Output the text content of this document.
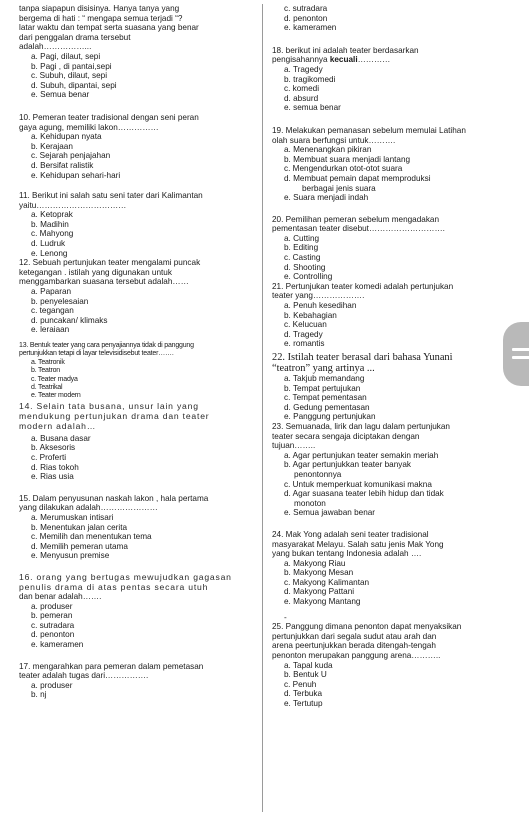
tanpa siapapun disisinya. Hanya tanya yang
bergema di hati : “ mengapa semua terjadi “?
latar waktu dan tempat serta suasana yang benar
dari penggalan drama tersebut
adalah……………...
a. Pagi, dilaut, sepi
b. Pagi , di pantai,sepi
c. Subuh, dilaut, sepi
d. Subuh, dipantai, sepi
e. Semua benar
10. Pemeran teater tradisional dengan seni peran
gaya agung, memiliki lakon……………
a. Kehidupan nyata
b. Kerajaan
c. Sejarah penjajahan
d. Bersifat ralistik
e. Kehidupan sehari-hari
11. Berikut ini salah satu seni tater dari Kalimantan
yaitu……………………………
a. Ketoprak
b. Madihin
c. Mahyong
d. Ludruk
e. Lenong
12. Sebuah pertunjukan teater mengalami puncak
ketegangan . istilah yang digunakan untuk
menggambarkan suasana tersebut adalah……
a. Paparan
b. penyelesaian
c. tegangan
d. puncakan/ klimaks
e. leraiaan
13. Bentuk teater yang cara penyajiannya tidak di panggung
pertunjukkan tetapi di layar televisidisebut teater…….
a. Teatronik
b. Teatron
c. Teater madya
d. Teatrikal
e. Teater modern
14. Selain tata busana, unsur lain yang
mendukung pertunjukan drama dan teater
modern adalah…
a. Busana dasar
b. Aksesoris
c. Proferti
d. Rias tokoh
e. Rias usia
15. Dalam penyusunan naskah lakon , hala pertama
yang dilakukan adalah…………………
a. Merumuskan intisari
b. Menentukan jalan cerita
c. Memilih dan menentukan tema
d. Memilih pemeran utama
e. Menyusun premise
16. orang yang bertugas mewujudkan gagasan
penulis drama di atas pentas secara utuh
dan benar adalah…….
a. produser
b. pemeran
c. sutradara
d. penonton
e. kameramen
17. mengarahkan para pemeran dalam pemetasan
teater adalah tugas dari…………….
a. produser
b. nj
c. sutradara
d. penonton
e. kameramen
18. berikut ini adalah teater berdasarkan
pengisahannya kecuali…………
a. Tragedy
b. tragikomedi
c. komedi
d. absurd
e. semua benar
19. Melakukan pemanasan sebelum memulai Latihan
olah suara berfungsi untuk……….
a. Menenangkan pikiran
b. Membuat suara menjadi lantang
c. Mengendurkan otot-otot suara
d. Membuat pemain dapat memproduksi
berbagai jenis suara
e. Suara menjadi indah
20. Pemilihan pemeran sebelum mengadakan
pementasan teater disebut……………………….
a. Cutting
b. Editing
c. Casting
d. Shooting
e. Controlling
21. Pertunjukan teater komedi adalah pertunjukan
teater yang……………….
a. Penuh kesedihan
b. Kebahagian
c. Kelucuan
d. Tragedy
e. romantis
22. Istilah teater berasal dari bahasa Yunani
“teatron” yang artinya ...
a. Takjub memandang
b. Tempat pertujukan
c. Tempat pementasan
d. Gedung pementasan
e. Panggung pertunjukan
23. Semuanada, lirik dan lagu dalam pertunjukan
teater secara sengaja diciptakan dengan
tujuan……..
a. Agar pertunjukan teater semakin meriah
b. Agar pertunjukkan teater banyak
penontonnya
c. Untuk memperkuat komunikasi makna
d. Agar suasana teater lebih hidup dan tidak
monoton
e. Semua jawaban benar
24. Mak Yong adalah seni teater tradisional
masyarakat Melayu. Salah satu jenis Mak Yong
yang bukan tentang Indonesia adalah ….
a. Makyong Riau
b. Makyong Mesan
c. Makyong Kalimantan
d. Makyong Pattani
e. Makyong Mantang
-
25. Panggung dimana penonton dapat menyaksikan
pertunjukkan dari segala sudut atau arah dan
arena peertunjukkan berada ditengah-tengah
penonton merupakan panggung arena………..
a. Tapal kuda
b. Bentuk U
c. Penuh
d. Terbuka
e. Tertutup
